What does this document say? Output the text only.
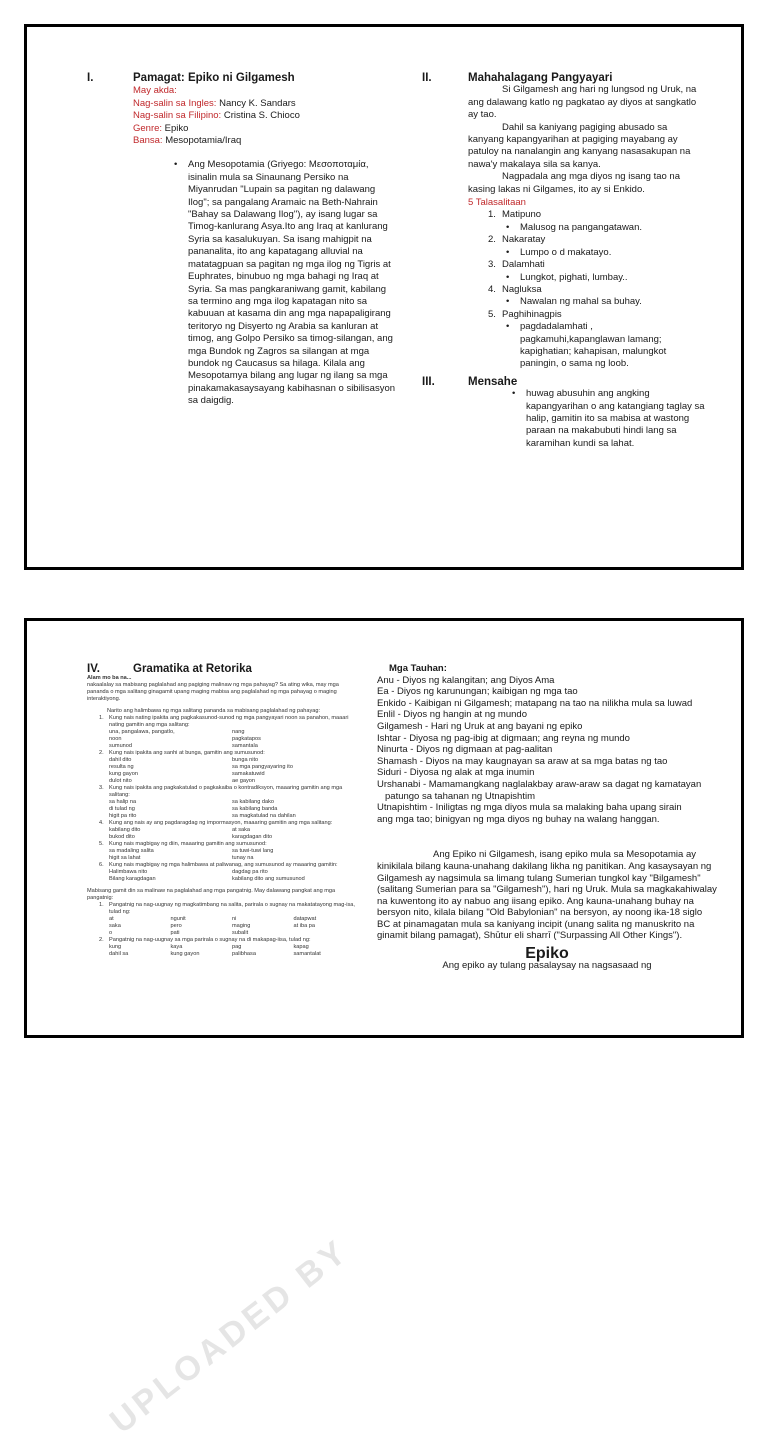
I.	Pamagat: Epiko ni Gilgamesh
May akda:
Nag-salin sa Ingles: Nancy K. Sandars
Nag-salin sa Filipino: Cristina S. Chioco
Genre: Epiko
Bansa: Mesopotamia/Iraq
• Ang Mesopotamia (Griyego: Μεσοποταμία, isinalin mula sa Sinaunang Persiko na Miyanrudan "Lupain sa pagitan ng dalawang Ilog"; sa pangalang Aramaic na Beth-Nahrain "Bahay sa Dalawang Ilog"), ay isang lugar sa Timog-kanlurang Asya.Ito ang Iraq at kanlurang Syria sa kasalukuyan. Sa isang mahigpit na pananalita, ito ang kapatagang alluvial na matatagpuan sa pagitan ng mga ilog ng Tigris at Euphrates, binubuo ng mga bahagi ng Iraq at Syria. Sa mas pangkaraniwang gamit, kabilang sa termino ang mga ilog kapatagan nito sa kabuuan at kasama din ang mga napapaligirang teritoryo ng Disyerto ng Arabia sa kanluran at timog, ang Golpo Persiko sa timog-silangan, ang mga Bundok ng Zagros sa silangan at mga bundok ng Caucasus sa hilaga. Kilala ang Mesopotamya bilang ang lugar ng ilang sa mga pinakamakasaysayang kabihasnan o sibilisasyon sa daigdig.
II.	Mahahalagang Pangyayari
Si Gilgamesh ang hari ng lungsod ng Uruk, na ang dalawang katlo ng pagkatao ay diyos at sangkatlo ay tao.
Dahil sa kaniyang pagiging abusado sa kanyang kapangyarihan at pagiging mayabang ay patuloy na nanalangin ang kanyang nasasakupan na nawa'y makalaya sila sa kanya.
Nagpadala ang mga diyos ng isang tao na kasing lakas ni Gilgames, ito ay si Enkido.
5 Talasalitaan
1. Matipuno
• Malusog na pangangatawan.
2. Nakaratay
• Lumpo o d makatayo.
3. Dalamhati
• Lungkot, pighati, lumbay..
4. Nagluksa
• Nawalan ng mahal sa buhay.
5. Paghihinagpis
• pagdadalamhati , pagkamuhi,kapanglawan lamang; kapighatian; kahapisan, malungkot paningin, o sama ng loob.
III.	Mensahe
• huwag abusuhin ang angking kapangyarihan o ang katangiang taglay sa halip, gamitin ito sa mabisa at wastong paraan na makabubuti hindi lang sa karamihan kundi sa lahat.
IV.	Gramatika at Retorika
Alam mo ba na...
nakaalalay sa mabisang paglalahad ang pagiging malinaw ng mga pahayag? Sa ating wika, may mga pananda o mga salitang ginagamit upang maging mabisa ang paglalahad ng mga pahayag o maging interaktiyong.
Narito ang halimbawa ng mga salitang pananda sa mabisang paglalahad ng pahayag:
1. Kung nais nating ipakita ang pagkakasunod-sunod ng mga pangyayari noon sa panahon, maaari nating gamitin ang mga salitang:
una, pangalawa, pangatlo,	nang
noon	pagkatapos
sumunod	samantala
2. Kung nais ipakita ang sanhi at bunga, gamitin ang sumusunod:
dahil dito	bunga nito
resulta ng	sa mga pangyayaring ito
kung gayon	samakatuwid
dulot nito	ae gayon
3. Kung nais ipakita ang pagkakatulad o pagkakaiba o kontradiksyon, maaaring gamitin ang mga salitang:
sa halip na	sa kabilang dako
di tulad ng	sa kabilang banda
higit pa rito	sa magkatulad na dahilan
4. Kung ang nais ay ang pagdaragdag ng impormasyon, maaaring gamitin ang mga salitang:
kabilang dito	at saka
bukod dito	karagdagan dito
5. Kung nais magbigay ng diin, maaaring gamitin ang sumusunod:
sa madaling salita	sa tuwi-tuwi lang
higit sa lahat	tunay na
6. Kung nais magbigay ng mga halimbawa at paliwanag, ang sumusunod ay maaaring gamitin:
Halimbawa nito	dagdag pa rito
Bilang karagdagan	kabilang dito ang sumusunod
Mabisang gamit din sa malinaw na paglalahad ang mga pangatnig. May dalawang pangkat ang mga pangatnig:
1. Pangatnig na nag-uugnay ng magkatimbang na salita, parirala o sugnay na makatatayong mag-isa, tulad ng:
at	ngunit	ni	datapwat
saka	pero	maging	at iba pa
o	pati	subalit
2. Pangatnig na nag-uugnay sa mga parirala o sugnay na di makapag-iisa, tulad ng:
kung	kaya	pag	kapag
dahil sa	kung gayon	palibhasa	samantalat
UPLOADED BY
Mga Tauhan:
Anu - Diyos ng kalangitan; ang Diyos Ama
Ea - Diyos ng karunungan; kaibigan ng mga tao
Enkido - Kaibigan ni Gilgamesh; matapang na tao na nilikha mula sa luwad
Enlil - Diyos ng hangin at ng mundo
Gilgamesh - Hari ng Uruk at ang bayani ng epiko
Ishtar - Diyosa ng pag-ibig at digmaan; ang reyna ng mundo
Ninurta - Diyos ng digmaan at pag-aalitan
Shamash - Diyos na may kaugnayan sa araw at sa mga batas ng tao
Siduri - Diyosa ng alak at mga inumin
Urshanabi - Mamamangkang naglalakbay araw-araw sa dagat ng kamatayan patungo sa tahanan ng Utnapishtim
Utnapishtim - Iniligtas ng mga diyos mula sa malaking baha upang sirain
ang mga tao; binigyan ng mga diyos ng buhay na walang hanggan.
Ang Epiko ni Gilgamesh, isang epiko mula sa Mesopotamia ay kinikilala bilang kauna-unahang dakilang likha ng panitikan. Ang kasaysayan ng Gilgamesh ay nagsimula sa limang tulang Sumerian tungkol kay "Bilgamesh" (salitang Sumerian para sa "Gilgamesh"), hari ng Uruk. Mula sa magkakahiwalay na kuwentong ito ay nabuo ang iisang epiko. Ang kauna-unahang buhay na bersyon nito, kilala bilang "Old Babylonian" na bersyon, ay noong ika-18 siglo BC at pinamagatan mula sa kaniyang incipit (unang salita ng manuskrito na ginamit bilang pamagat), Shūtur eli sharrī ("Surpassing All Other Kings").
Epiko
Ang epiko ay tulang pasalaysay na nagsasaad ng
